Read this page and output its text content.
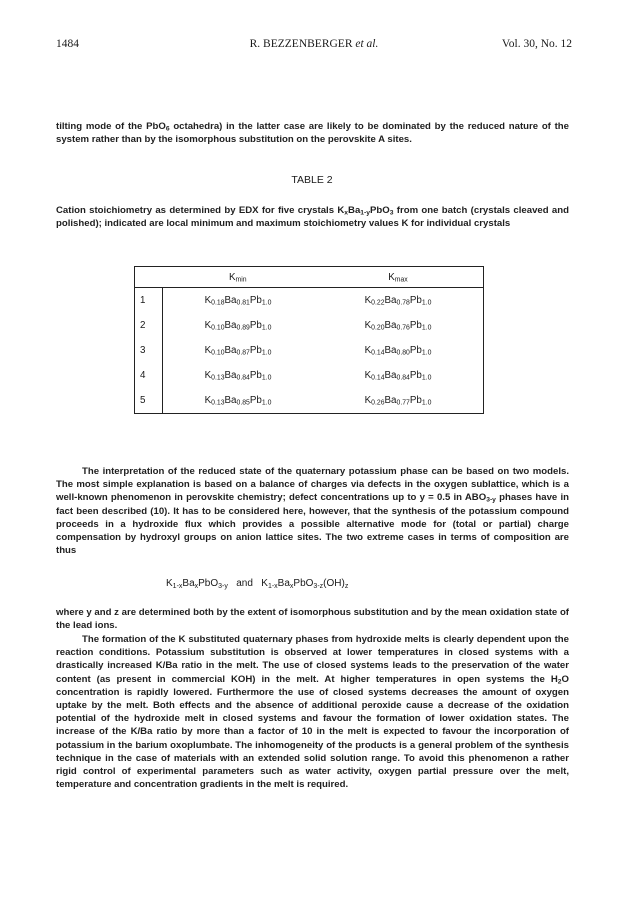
1484	R. BEZZENBERGER et al.	Vol. 30, No. 12
tilting mode of the PbO$_6$ octahedra) in the latter case are likely to be dominated by the reduced nature of the system rather than by the isomorphous substitution on the perovskite A sites.
TABLE 2
Cation stoichiometry as determined by EDX for five crystals $K_xBa_{1-y}PbO_3$ from one batch (crystals cleaved and polished); indicated are local minimum and maximum stoichiometry values K for individual crystals
	$K_{min}$	$K_{max}$
1	$K_{0.18}Ba_{0.81}Pb_{1.0}$	$K_{0.22}Ba_{0.78}Pb_{1.0}$
2	$K_{0.10}Ba_{0.89}Pb_{1.0}$	$K_{0.20}Ba_{0.76}Pb_{1.0}$
3	$K_{0.10}Ba_{0.87}Pb_{1.0}$	$K_{0.14}Ba_{0.80}Pb_{1.0}$
4	$K_{0.13}Ba_{0.84}Pb_{1.0}$	$K_{0.14}Ba_{0.84}Pb_{1.0}$
5	$K_{0.13}Ba_{0.85}Pb_{1.0}$	$K_{0.26}Ba_{0.77}Pb_{1.0}$
The interpretation of the reduced state of the quaternary potassium phase can be based on two models. The most simple explanation is based on a balance of charges via defects in the oxygen sublattice, which is a well-known phenomenon in perovskite chemistry; defect concentrations up to y = 0.5 in $ABO_{3-y}$ phases have in fact been described (10). It has to be considered here, however, that the synthesis of the potassium compound proceeds in a hydroxide flux which provides a possible alternative mode for (total or partial) charge compensation by hydroxyl groups on anion lattice sites. The two extreme cases in terms of composition are thus
$K_{1-x}Ba_xPbO_{3-y}$ and $K_{1-x}Ba_xPbO_{3-z}(OH)_z$
where y and z are determined both by the extent of isomorphous substitution and by the mean oxidation state of the lead ions.
The formation of the K substituted quaternary phases from hydroxide melts is clearly dependent upon the reaction conditions. Potassium substitution is observed at lower temperatures in closed systems with a drastically increased K/Ba ratio in the melt. The use of closed systems leads to the preservation of the water content (as present in commercial KOH) in the melt. At higher temperatures in open systems the $H_2O$ concentration is rapidly lowered. Furthermore the use of closed systems decreases the amount of oxygen uptake by the melt. Both effects and the absence of additional peroxide cause a decrease of the oxidation potential of the hydroxide melt in closed systems and favour the formation of lower oxidation states. The increase of the K/Ba ratio by more than a factor of 10 in the melt is expected to favour the incorporation of potassium in the barium oxoplumbate. The inhomogeneity of the products is a general problem of the synthesis technique in the case of materials with an extended solid solution range. To avoid this phenomenon a rather rigid control of experimental parameters such as water activity, oxygen partial pressure over the melt, temperature and concentration gradients in the melt is required.
